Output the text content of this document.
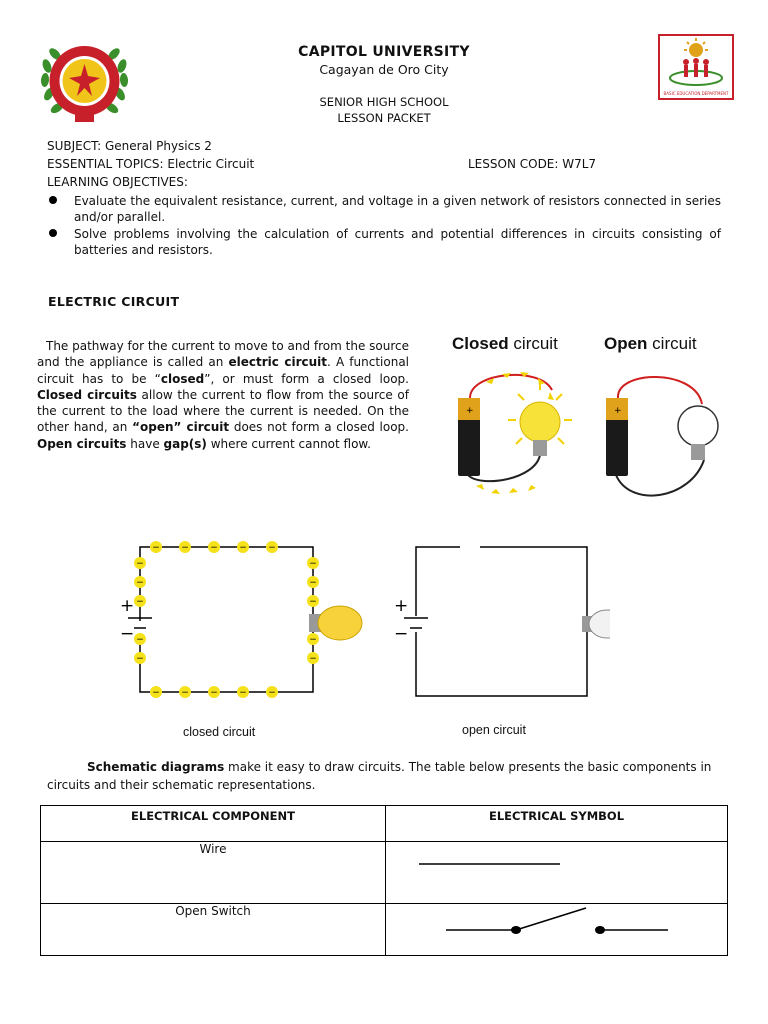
BASIC EDUCATION DEPARTMENT
CAPITOL UNIVERSITY
Cagayan de Oro City
SENIOR HIGH SCHOOL
LESSON PACKET
SUBJECT: General Physics 2
ESSENTIAL TOPICS: Electric Circuit	LESSON CODE: W7L7
LEARNING OBJECTIVES:
Evaluate the equivalent resistance, current, and voltage in a given network of resistors connected in series and/or parallel.
Solve problems involving the calculation of currents and potential differences in circuits consisting of batteries and resistors.
ELECTRIC CIRCUIT
The pathway for the current to move to and from the source and the appliance is called an electric circuit. A functional circuit has to be “closed”, or must form a closed loop. Closed circuits allow the current to flow from the source of the current to the load where the current is needed. On the other hand, an “open” circuit does not form a closed loop. Open circuits have gap(s) where current cannot flow.
Closed circuit	Open circuit
+	+
+
−
− − − − −
− − − − −
−
−
−
−
−
−
−
−
−
−
+
−
closed circuit	open circuit
Schematic diagrams make it easy to draw circuits. The table below presents the basic components in circuits and their schematic representations.
ELECTRICAL COMPONENT	ELECTRICAL SYMBOL
Wire	

Open Switch	
